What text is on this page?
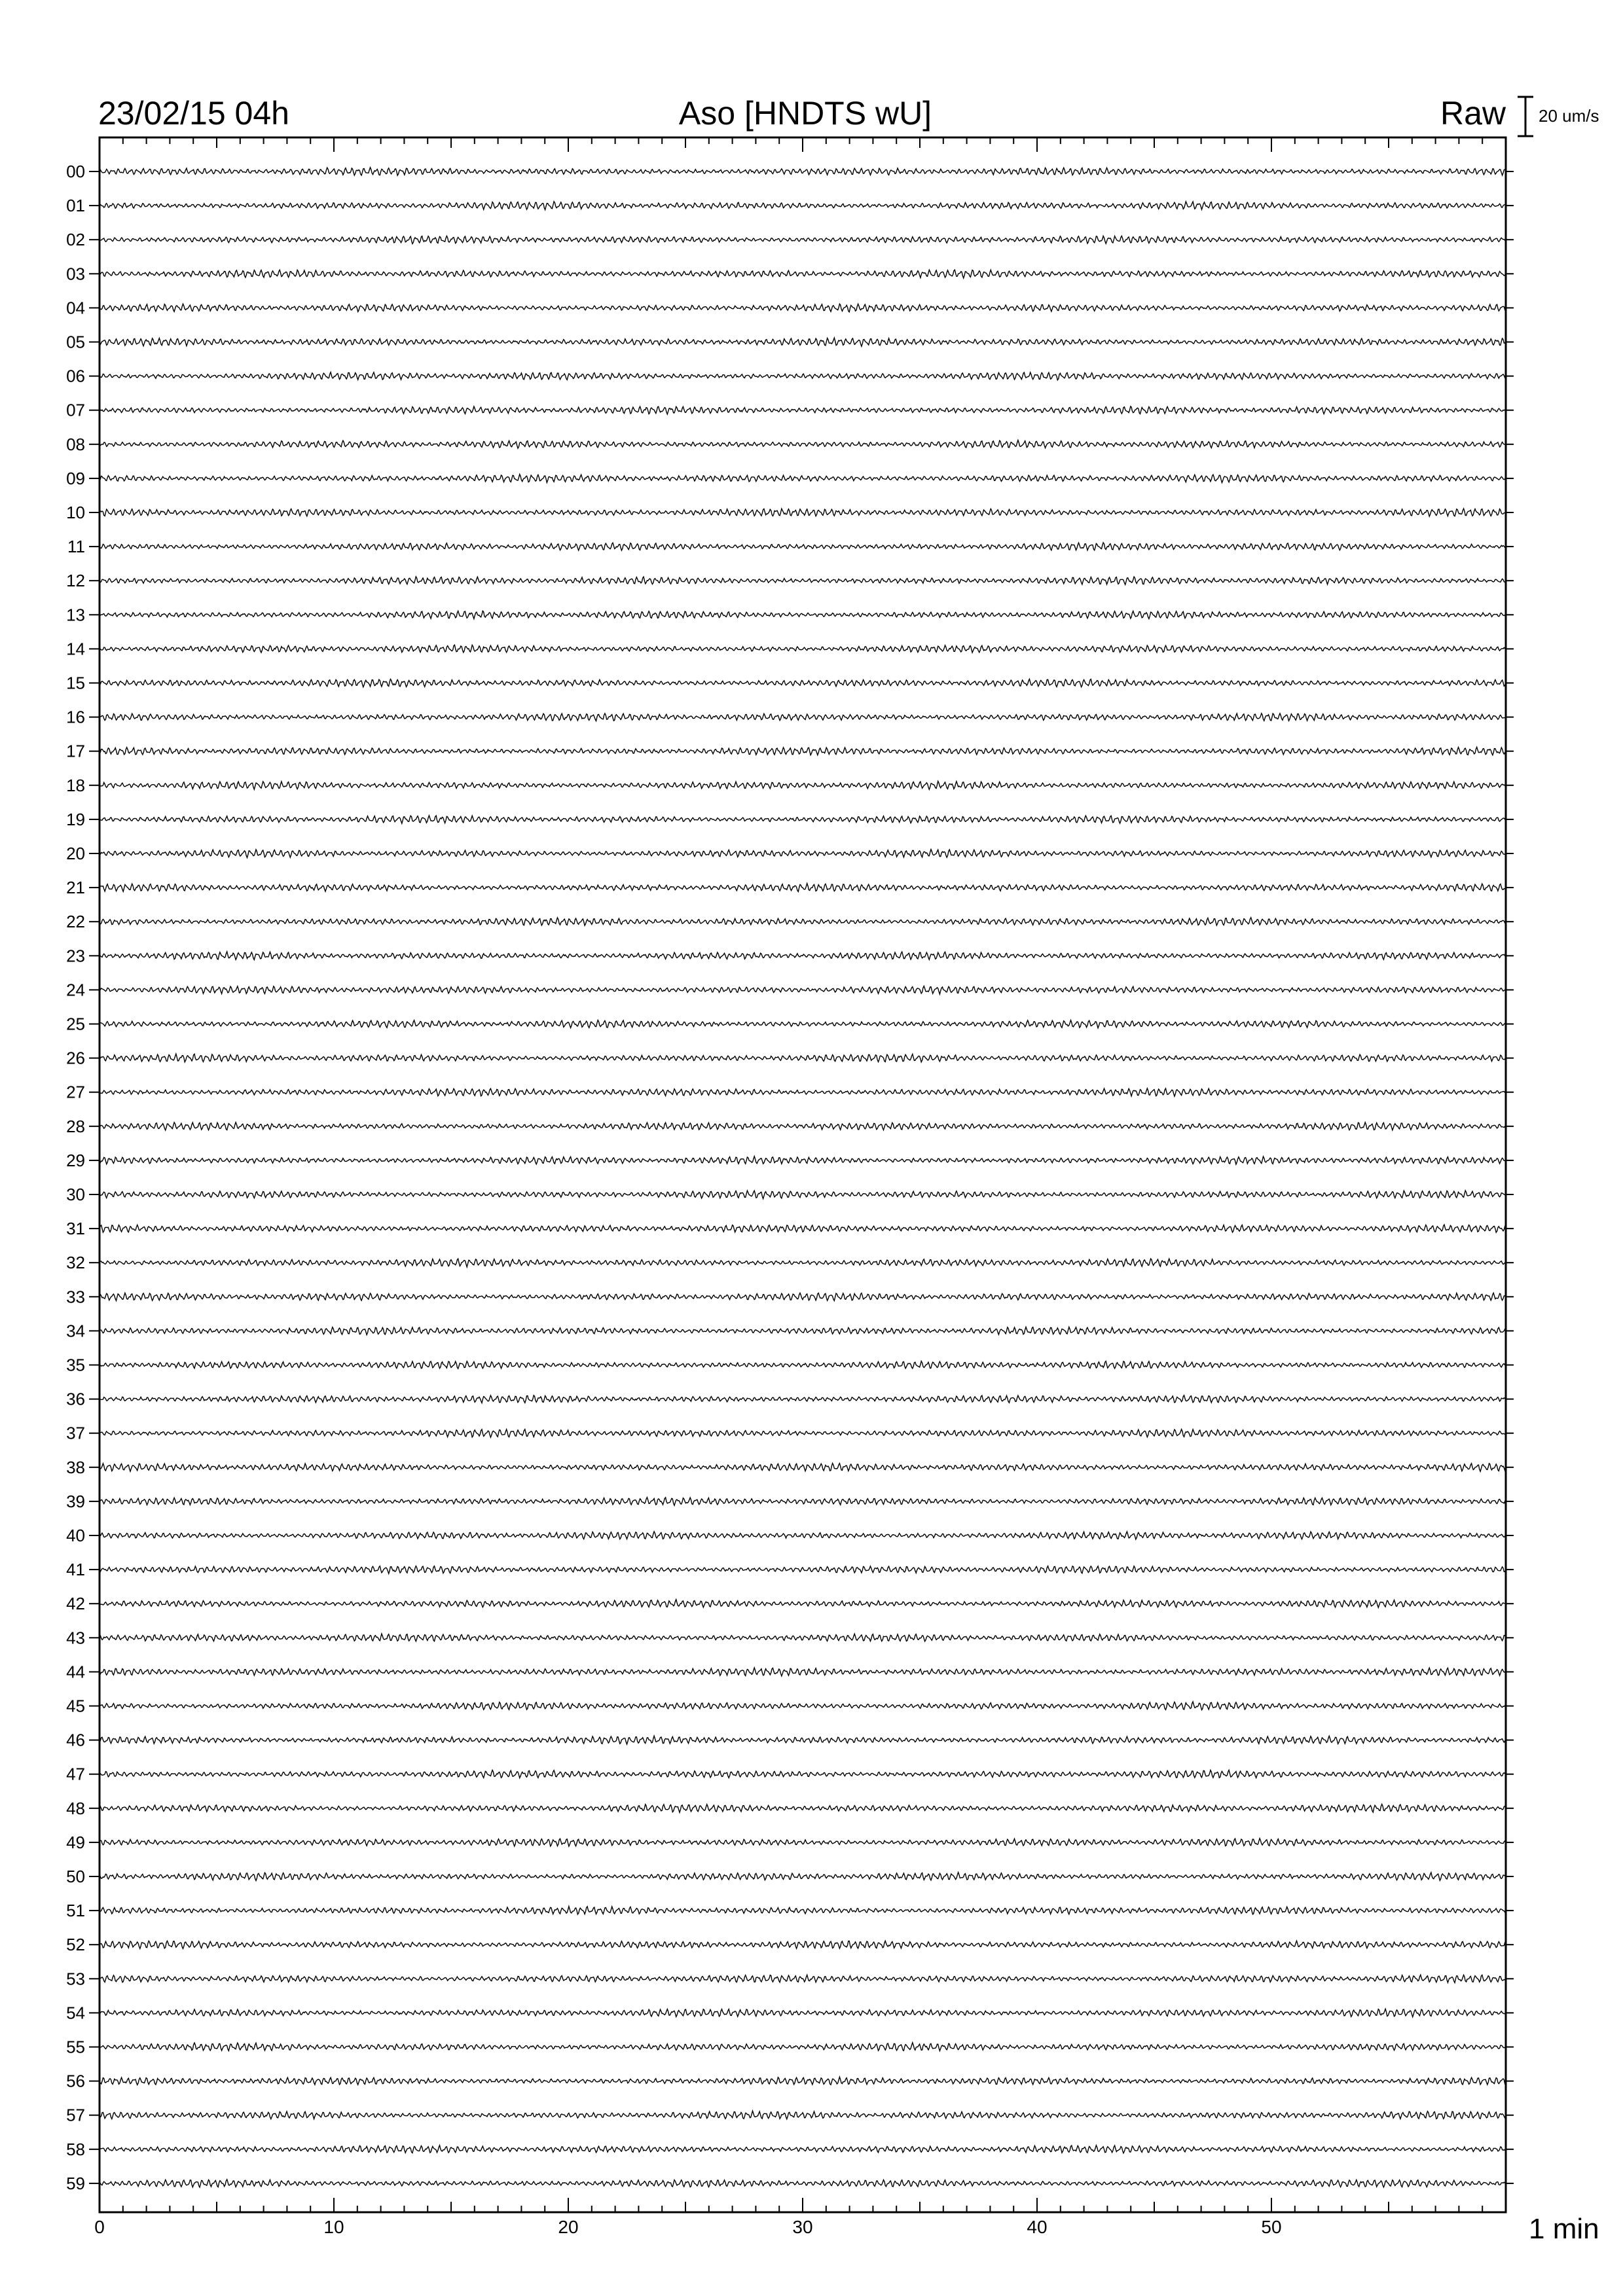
23/02/15 04h	Aso [HNDTS wU]	Raw 20 um/s
0	10	20	30	40	50
00
01
02
03
04
05
06
07
08
09
10
11
12
13
14
15
16
17
18
19
20
21
22
23
24
25
26
27
28
29
30
31
32
33
34
35
36
37
38
39
40
41
42
43
44
45
46
47
48
49
50
51
52
53
54
55
56
57
58
59
1 min
